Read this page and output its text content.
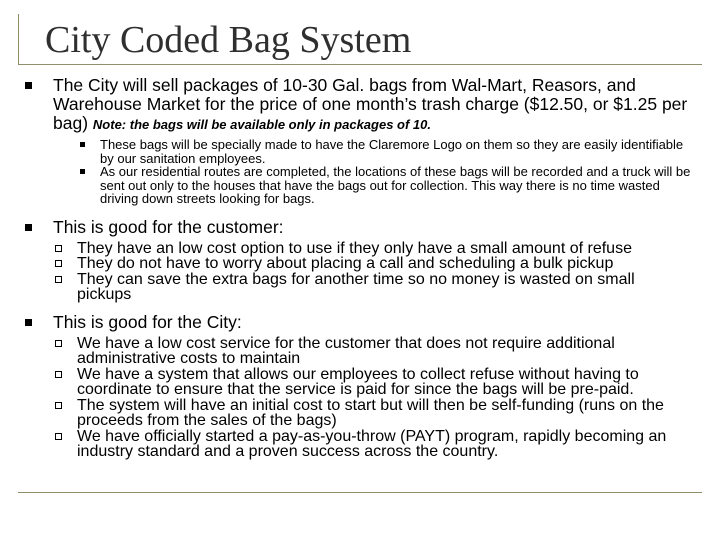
City Coded Bag System
The City will sell packages of 10-30 Gal. bags from Wal-Mart, Reasors, and Warehouse Market for the price of one month’s trash charge ($12.50, or $1.25 per bag) Note: the bags will be available only in packages of 10.
These bags will be specially made to have the Claremore Logo on them so they are easily identifiable by our sanitation employees.
As our residential routes are completed, the locations of these bags will be recorded and a truck will be sent out only to the houses that have the bags out for collection. This way there is no time wasted driving down streets looking for bags.
This is good for the customer:
They have an low cost option to use if they only have a small amount of refuse
They do not have to worry about placing a call and scheduling a bulk pickup
They can save the extra bags for another time so no money is wasted on small pickups
This is good for the City:
We have a low cost service for the customer that does not require additional administrative costs to maintain
We have a system that allows our employees to collect refuse without having to coordinate to ensure that the service is paid for since the bags will be pre-paid.
The system will have an initial cost to start but will then be self-funding (runs on the proceeds from the sales of the bags)
We have officially started a pay-as-you-throw (PAYT) program, rapidly becoming an industry standard and a proven success across the country.
